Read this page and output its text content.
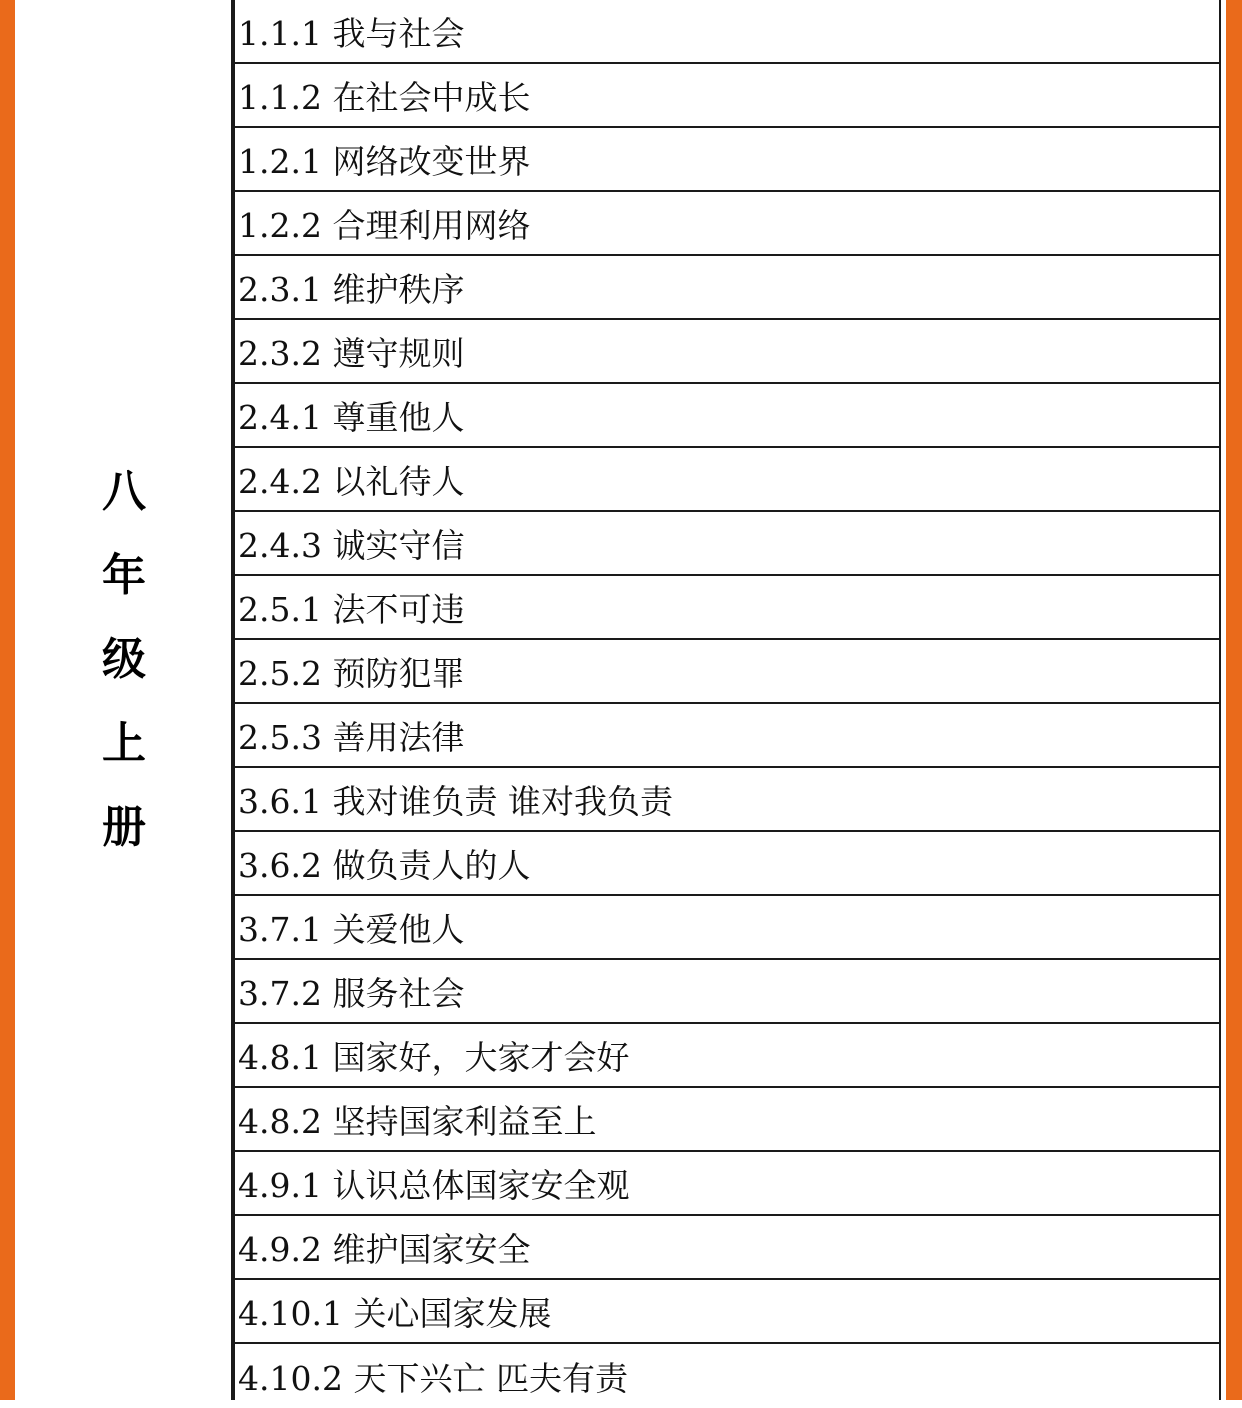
八
年
级
上
册
1.1.1 我与社会
1.1.2 在社会中成长
1.2.1 网络改变世界
1.2.2 合理利用网络
2.3.1 维护秩序
2.3.2 遵守规则
2.4.1 尊重他人
2.4.2 以礼待人
2.4.3 诚实守信
2.5.1 法不可违
2.5.2 预防犯罪
2.5.3 善用法律
3.6.1 我对谁负责 谁对我负责
3.6.2 做负责人的人
3.7.1 关爱他人
3.7.2 服务社会
4.8.1 国家好，大家才会好
4.8.2 坚持国家利益至上
4.9.1 认识总体国家安全观
4.9.2 维护国家安全
4.10.1 关心国家发展
4.10.2 天下兴亡 匹夫有责
